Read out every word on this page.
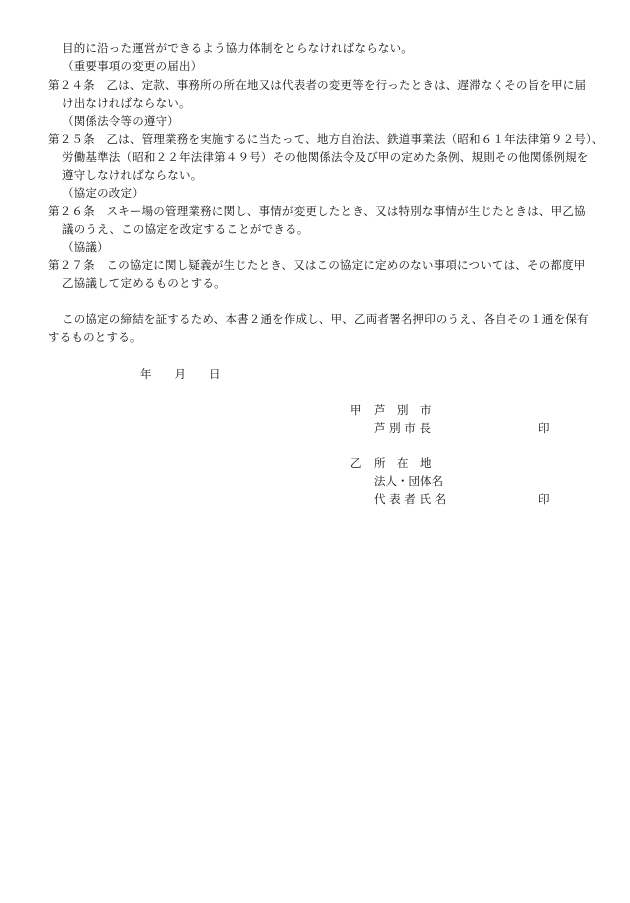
目的に沿った運営ができるよう協力体制をとらなければならない。
（重要事項の変更の届出）
第２４条　乙は、定款、事務所の所在地又は代表者の変更等を行ったときは、遅滞なくその旨を甲に届
け出なければならない。
（関係法令等の遵守）
第２５条　乙は、管理業務を実施するに当たって、地方自治法、鉄道事業法（昭和６１年法律第９２号）、
労働基準法（昭和２２年法律第４９号）その他関係法令及び甲の定めた条例、規則その他関係例規を
遵守しなければならない。
（協定の改定）
第２６条　スキー場の管理業務に関し、事情が変更したとき、又は特別な事情が生じたときは、甲乙協
議のうえ、この協定を改定することができる。
（協議）
第２７条　この協定に関し疑義が生じたとき、又はこの協定に定めのない事項については、その都度甲
乙協議して定めるものとする。
この協定の締結を証するため、本書２通を作成し、甲、乙両者署名押印のうえ、各自その１通を保有
するものとする。
年　　月　　日
甲 芦　別　市
芦 別 市 長	印
乙 所　在　地
法人・団体名
代 表 者 氏 名	印
